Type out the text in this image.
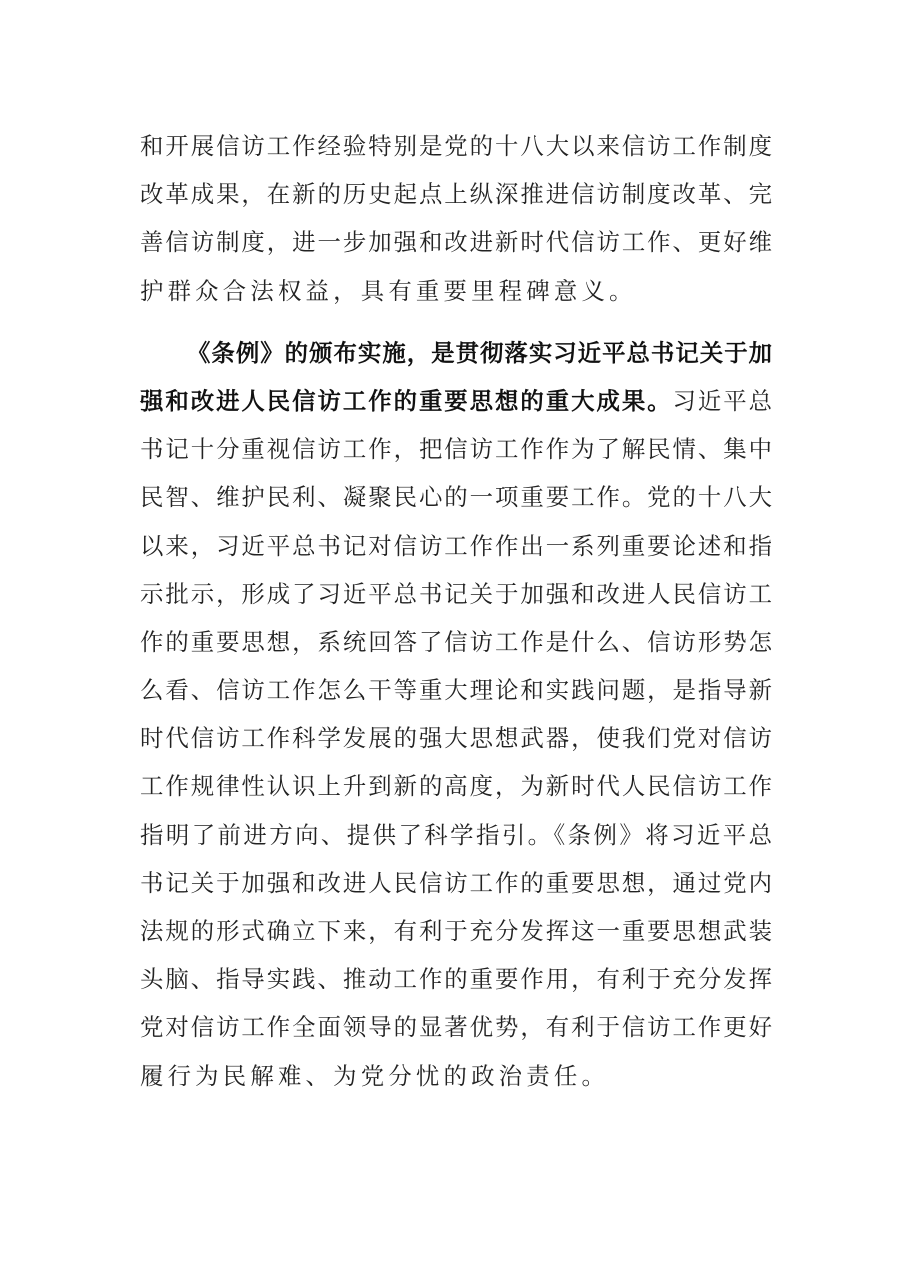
和开展信访工作经验特别是党的十八大以来信访工作制度
改革成果，在新的历史起点上纵深推进信访制度改革、完
善信访制度，进一步加强和改进新时代信访工作、更好维
护群众合法权益，具有重要里程碑意义。
《条例》的颁布实施，是贯彻落实习近平总书记关于加
强和改进人民信访工作的重要思想的重大成果。习近平总
书记十分重视信访工作，把信访工作作为了解民情、集中
民智、维护民利、凝聚民心的一项重要工作。党的十八大
以来，习近平总书记对信访工作作出一系列重要论述和指
示批示，形成了习近平总书记关于加强和改进人民信访工
作的重要思想，系统回答了信访工作是什么、信访形势怎
么看、信访工作怎么干等重大理论和实践问题，是指导新
时代信访工作科学发展的强大思想武器，使我们党对信访
工作规律性认识上升到新的高度，为新时代人民信访工作
指明了前进方向、提供了科学指引。《条例》将习近平总
书记关于加强和改进人民信访工作的重要思想，通过党内
法规的形式确立下来，有利于充分发挥这一重要思想武装
头脑、指导实践、推动工作的重要作用，有利于充分发挥
党对信访工作全面领导的显著优势，有利于信访工作更好
履行为民解难、为党分忧的政治责任。
